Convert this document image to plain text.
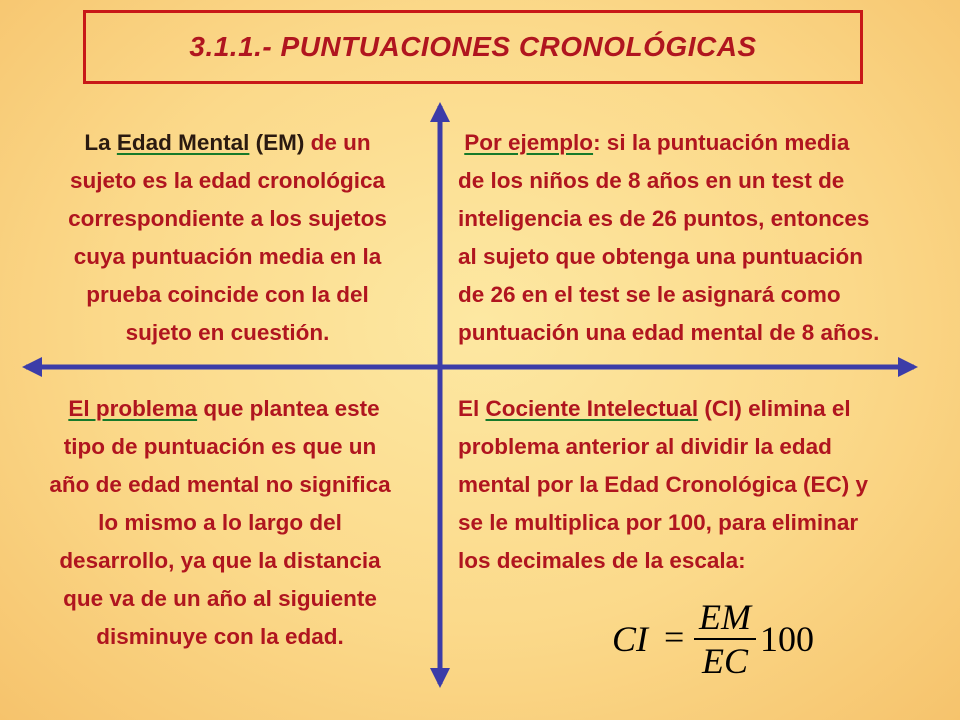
3.1.1.- PUNTUACIONES CRONOLÓGICAS
La Edad Mental (EM) de un
sujeto es la edad cronológica
correspondiente a los sujetos
cuya puntuación media en la
prueba coincide con la del
sujeto en cuestión.
Por ejemplo: si la puntuación media
de los niños de 8 años en un test de
inteligencia es de 26 puntos, entonces
al sujeto que obtenga una puntuación
de 26 en el test se le asignará como
puntuación una edad mental de 8 años.
El problema que plantea este
tipo de puntuación es que un
año de edad mental no significa
lo mismo a lo largo del
desarrollo, ya que la distancia
que va de un año al siguiente
disminuye con la edad.
El Cociente Intelectual (CI) elimina el
problema anterior al dividir la edad
mental por la Edad Cronológica (EC) y
se le multiplica por 100, para eliminar
los decimales de la escala:
CI = EM
EC
100
